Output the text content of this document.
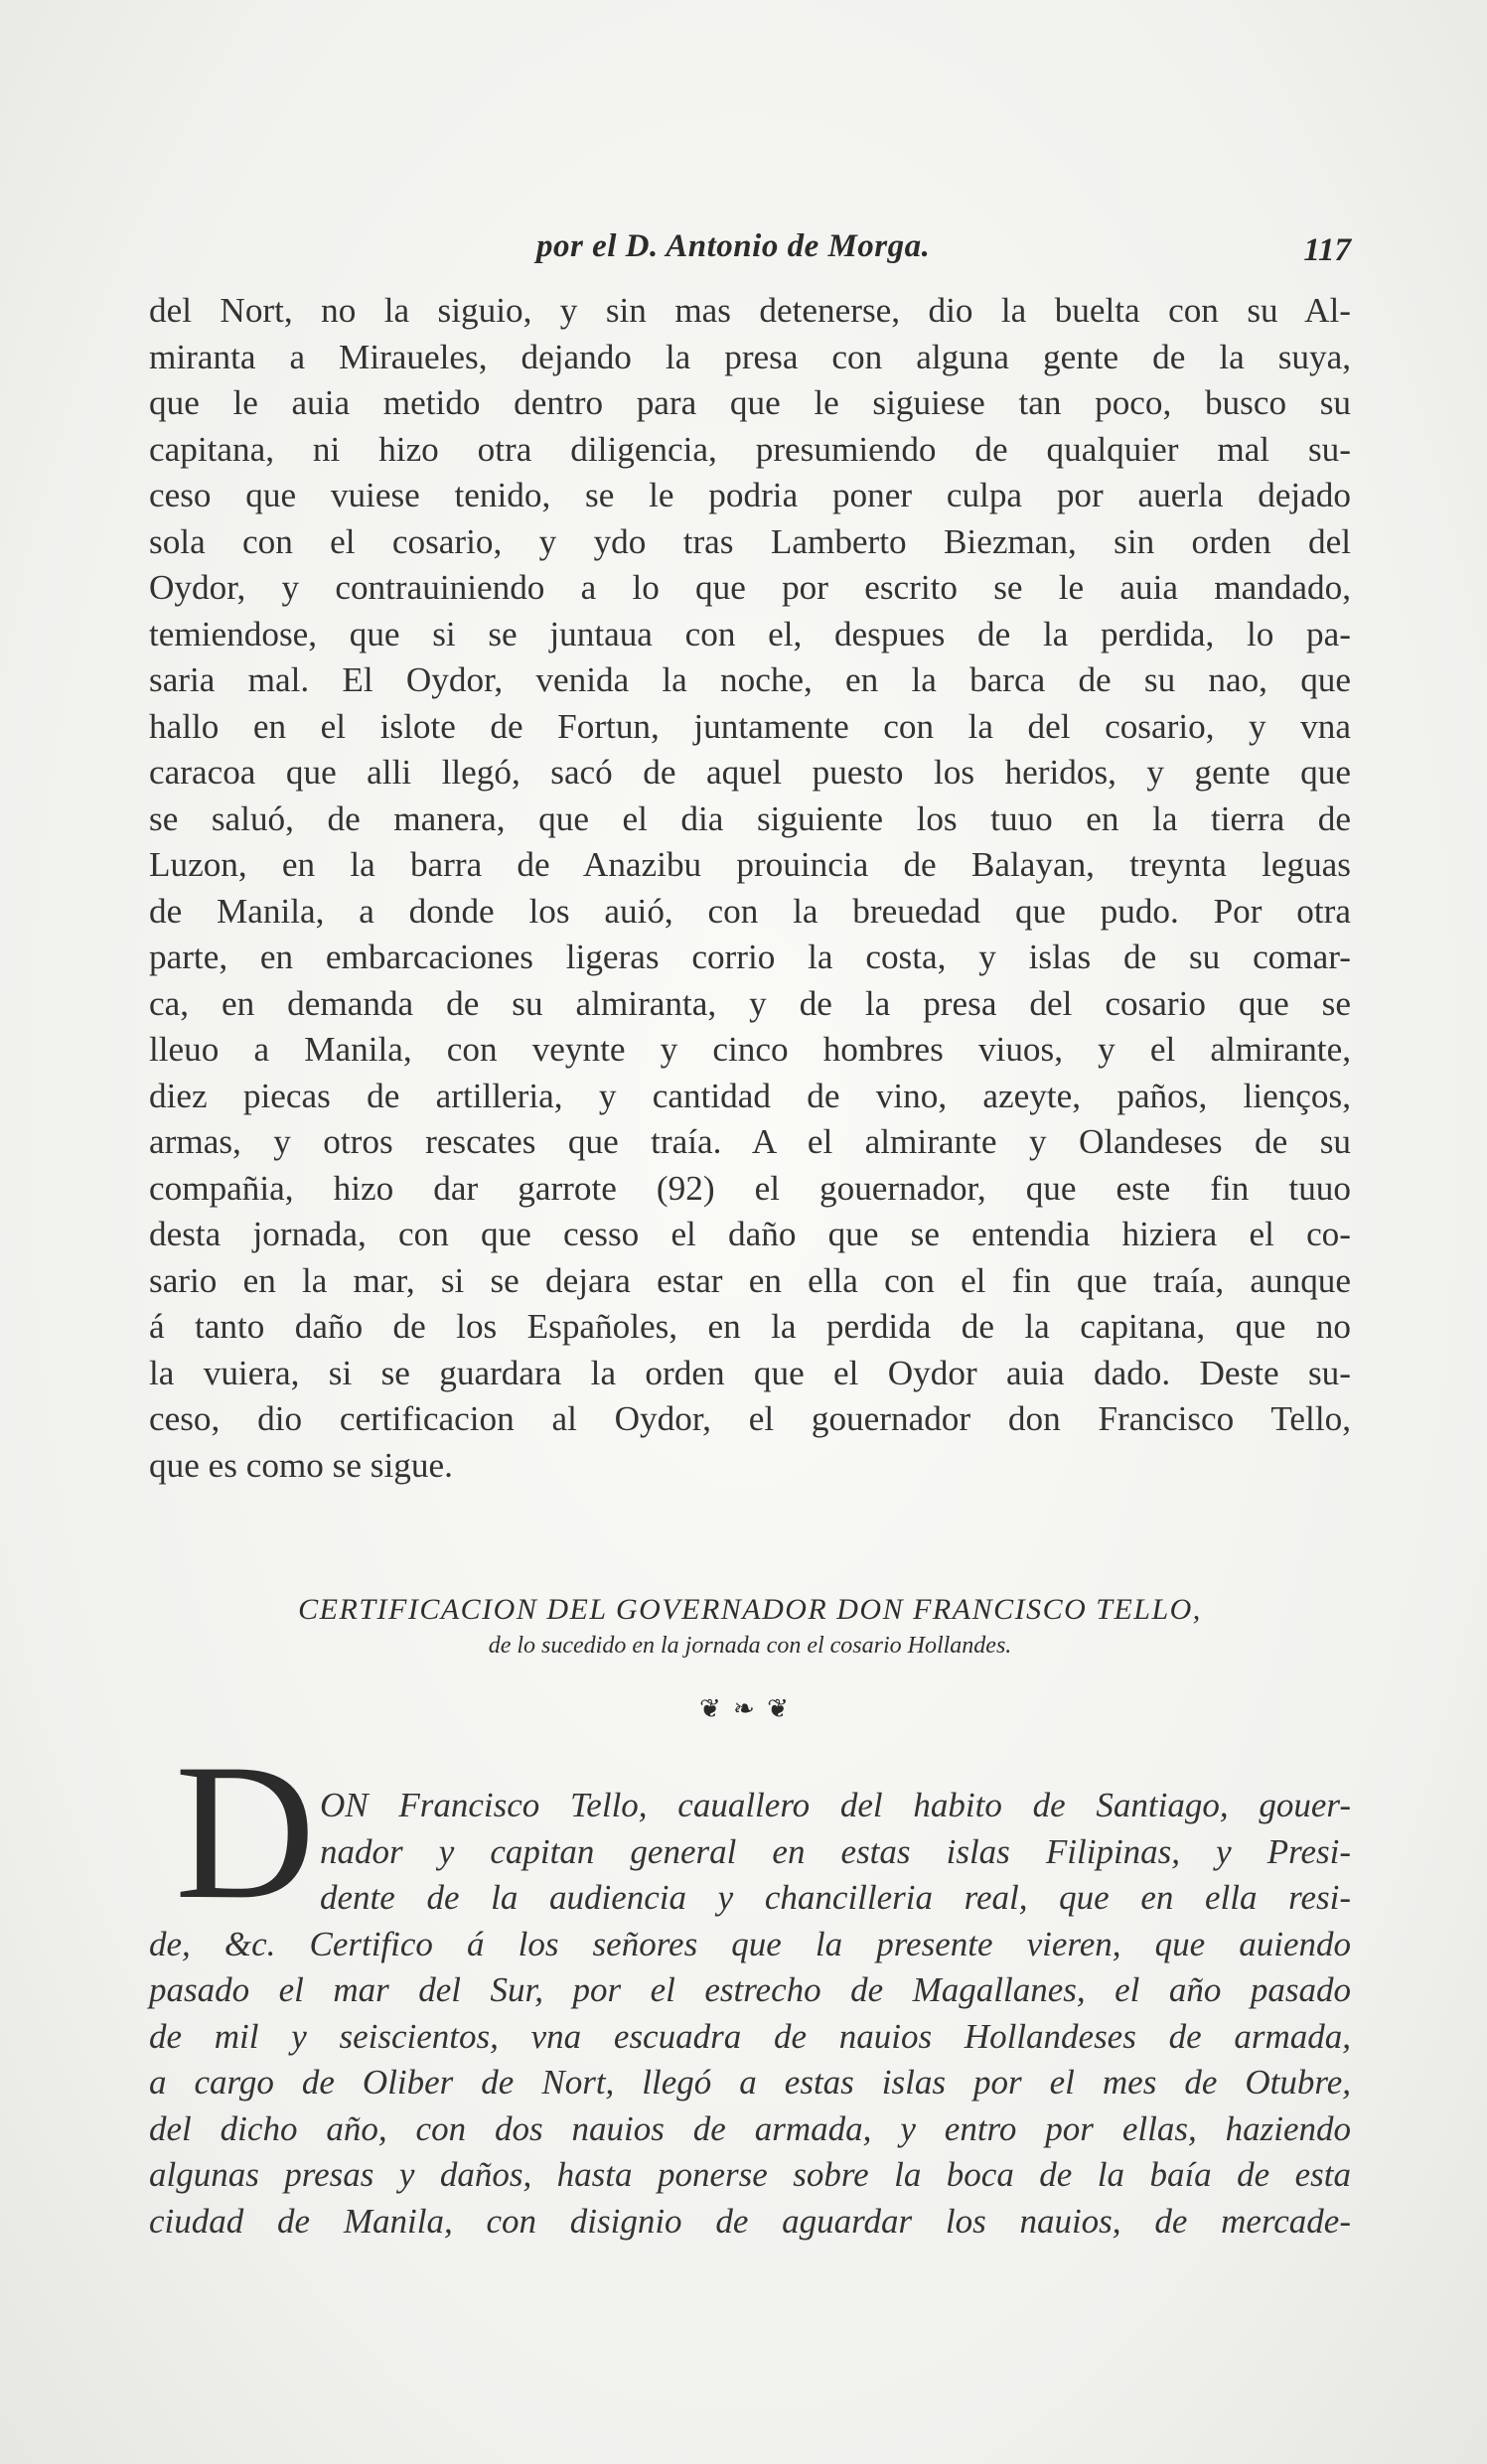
por el D. Antonio de Morga.	117
del Nort, no la siguio, y sin mas detenerse, dio la buelta con su Al-
miranta a Miraueles, dejando la presa con alguna gente de la suya,
que le auia metido dentro para que le siguiese tan poco, busco su
capitana, ni hizo otra diligencia, presumiendo de qualquier mal su-
ceso que vuiese tenido, se le podria poner culpa por auerla dejado
sola con el cosario, y ydo tras Lamberto Biezman, sin orden del
Oydor, y contrauiniendo a lo que por escrito se le auia mandado,
temiendose, que si se juntaua con el, despues de la perdida, lo pa-
saria mal. El Oydor, venida la noche, en la barca de su nao, que
hallo en el islote de Fortun, juntamente con la del cosario, y vna
caracoa que alli llegó, sacó de aquel puesto los heridos, y gente que
se saluó, de manera, que el dia siguiente los tuuo en la tierra de
Luzon, en la barra de Anazibu prouincia de Balayan, treynta leguas
de Manila, a donde los auió, con la breuedad que pudo. Por otra
parte, en embarcaciones ligeras corrio la costa, y islas de su comar-
ca, en demanda de su almiranta, y de la presa del cosario que se
lleuo a Manila, con veynte y cinco hombres viuos, y el almirante,
diez piecas de artilleria, y cantidad de vino, azeyte, paños, lienços,
armas, y otros rescates que traía. A el almirante y Olandeses de su
compañia, hizo dar garrote (92) el gouernador, que este fin tuuo
desta jornada, con que cesso el daño que se entendia hiziera el co-
sario en la mar, si se dejara estar en ella con el fin que traía, aunque
á tanto daño de los Españoles, en la perdida de la capitana, que no
la vuiera, si se guardara la orden que el Oydor auia dado. Deste su-
ceso, dio certificacion al Oydor, el gouernador don Francisco Tello,
que es como se sigue.
CERTIFICACION DEL GOVERNADOR DON FRANCISCO TELLO,
de lo sucedido en la jornada con el cosario Hollandes.
❦ ❧ ❦
D ON Francisco Tello, cauallero del habito de Santiago, gouer-
nador y capitan general en estas islas Filipinas, y Presi-
dente de la audiencia y chancilleria real, que en ella resi-
de, &c. Certifico á los señores que la presente vieren, que auiendo
pasado el mar del Sur, por el estrecho de Magallanes, el año pasado
de mil y seiscientos, vna escuadra de nauios Hollandeses de armada,
a cargo de Oliber de Nort, llegó a estas islas por el mes de Otubre,
del dicho año, con dos nauios de armada, y entro por ellas, haziendo
algunas presas y daños, hasta ponerse sobre la boca de la baía de esta
ciudad de Manila, con disignio de aguardar los nauios, de mercade-
